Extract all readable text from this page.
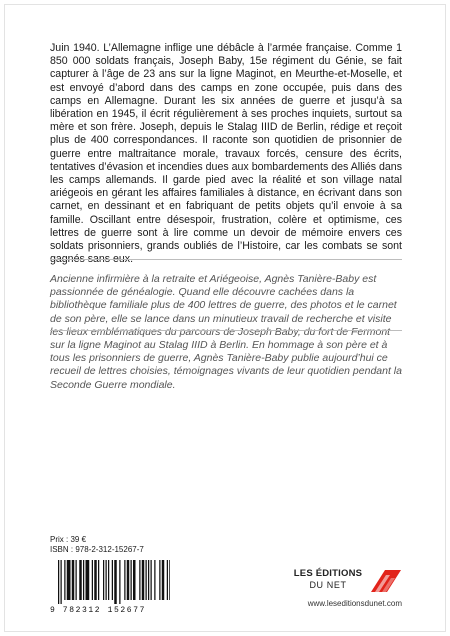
Juin 1940. L’Allemagne inflige une débâcle à l’armée française. Comme 1 850 000 soldats français, Joseph Baby, 15e régiment du Génie, se fait capturer à l’âge de 23 ans sur la ligne Maginot, en Meurthe-et-Moselle, et est envoyé d’abord dans des camps en zone occupée, puis dans des camps en Allemagne. Durant les six années de guerre et jusqu’à sa libération en 1945, il écrit régulièrement à ses proches inquiets, surtout sa mère et son frère. Joseph, depuis le Stalag IIID de Berlin, rédige et reçoit plus de 400 correspondances. Il raconte son quotidien de prisonnier de guerre entre maltraitance morale, travaux forcés, censure des écrits, tentatives d’évasion et incendies dues aux bombardements des Alliés dans les camps allemands. Il garde pied avec la réalité et son village natal ariégeois en gérant les affaires familiales à distance, en écrivant dans son carnet, en dessinant et en fabriquant de petits objets qu’il envoie à sa famille. Oscillant entre désespoir, frustration, colère et optimisme, ces lettres de guerre sont à lire comme un devoir de mémoire envers ces soldats prisonniers, grands oubliés de l’Histoire, car les combats se sont gagnés sans eux.

Ancienne infirmière à la retraite et Ariégeoise, Agnès Tanière-Baby est passionnée de généalogie. Quand elle découvre cachées dans la bibliothèque familiale plus de 400 lettres de guerre, des photos et le carnet de son père, elle se lance dans un minutieux travail de recherche et visite les lieux emblématiques du parcours de Joseph Baby, du fort de Fermont sur la ligne Maginot au Stalag IIID à Berlin. En hommage à son père et à tous les prisonniers de guerre, Agnès Tanière-Baby publie aujourd’hui ce recueil de lettres choisies, témoignages vivants de leur quotidien pendant la Seconde Guerre mondiale.

Prix : 39 €
ISBN : 978-2-312-15267-7
9 782312 152677
LES ÉDITIONS
DU NET
www.leseditionsdunet.com
